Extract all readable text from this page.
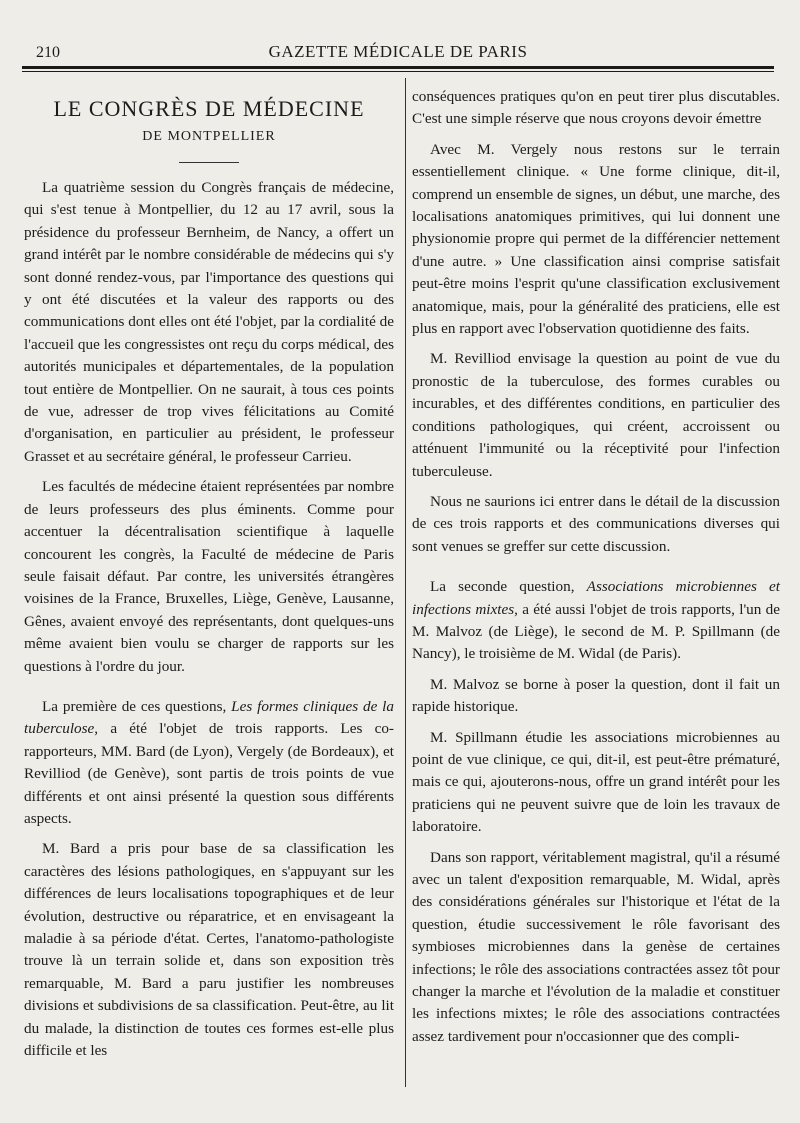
210	GAZETTE MÉDICALE DE PARIS
LE CONGRÈS DE MÉDECINE
DE MONTPELLIER

La quatrième session du Congrès français de médecine, qui s'est tenue à Montpellier, du 12 au 17 avril, sous la présidence du professeur Bernheim, de Nancy, a offert un grand intérêt par le nombre considérable de médecins qui s'y sont donné rendez-vous, par l'importance des questions qui y ont été discutées et la valeur des rapports ou des communications dont elles ont été l'objet, par la cordialité de l'accueil que les congressistes ont reçu du corps médical, des autorités municipales et départementales, de la population tout entière de Montpellier. On ne saurait, à tous ces points de vue, adresser de trop vives félicitations au Comité d'organisation, en particulier au président, le professeur Grasset et au secrétaire général, le professeur Carrieu.

Les facultés de médecine étaient représentées par nombre de leurs professeurs des plus éminents. Comme pour accentuer la décentralisation scientifique à laquelle concourent les congrès, la Faculté de médecine de Paris seule faisait défaut. Par contre, les universités étrangères voisines de la France, Bruxelles, Liège, Genève, Lausanne, Gênes, avaient envoyé des représentants, dont quelques-uns même avaient bien voulu se charger de rapports sur les questions à l'ordre du jour.

La première de ces questions, Les formes cliniques de la tuberculose, a été l'objet de trois rapports. Les co-rapporteurs, MM. Bard (de Lyon), Vergely (de Bordeaux), et Revilliod (de Genève), sont partis de trois points de vue différents et ont ainsi présenté la question sous différents aspects.

M. Bard a pris pour base de sa classification les caractères des lésions pathologiques, en s'appuyant sur les différences de leurs localisations topographiques et de leur évolution, destructive ou réparatrice, et en envisageant la maladie à sa période d'état. Certes, l'anatomo-pathologiste trouve là un terrain solide et, dans son exposition très remarquable, M. Bard a paru justifier les nombreuses divisions et subdivisions de sa classification. Peut-être, au lit du malade, la distinction de toutes ces formes est-elle plus difficile et les

conséquences pratiques qu'on en peut tirer plus discutables. C'est une simple réserve que nous croyons devoir émettre

Avec M. Vergely nous restons sur le terrain essentiellement clinique. « Une forme clinique, dit-il, comprend un ensemble de signes, un début, une marche, des localisations anatomiques primitives, qui lui donnent une physionomie propre qui permet de la différencier nettement d'une autre. » Une classification ainsi comprise satisfait peut-être moins l'esprit qu'une classification exclusivement anatomique, mais, pour la généralité des praticiens, elle est plus en rapport avec l'observation quotidienne des faits.

M. Revilliod envisage la question au point de vue du pronostic de la tuberculose, des formes curables ou incurables, et des différentes conditions, en particulier des conditions pathologiques, qui créent, accroissent ou atténuent l'immunité ou la réceptivité pour l'infection tuberculeuse.

Nous ne saurions ici entrer dans le détail de la discussion de ces trois rapports et des communications diverses qui sont venues se greffer sur cette discussion.

La seconde question, Associations microbiennes et infections mixtes, a été aussi l'objet de trois rapports, l'un de M. Malvoz (de Liège), le second de M. P. Spillmann (de Nancy), le troisième de M. Widal (de Paris).

M. Malvoz se borne à poser la question, dont il fait un rapide historique.

M. Spillmann étudie les associations microbiennes au point de vue clinique, ce qui, dit-il, est peut-être prématuré, mais ce qui, ajouterons-nous, offre un grand intérêt pour les praticiens qui ne peuvent suivre que de loin les travaux de laboratoire.

Dans son rapport, véritablement magistral, qu'il a résumé avec un talent d'exposition remarquable, M. Widal, après des considérations générales sur l'historique et l'état de la question, étudie successivement le rôle favorisant des symbioses microbiennes dans la genèse de certaines infections; le rôle des associations contractées assez tôt pour changer la marche et l'évolution de la maladie et constituer les infections mixtes; le rôle des associations contractées assez tardivement pour n'occasionner que des compli-
